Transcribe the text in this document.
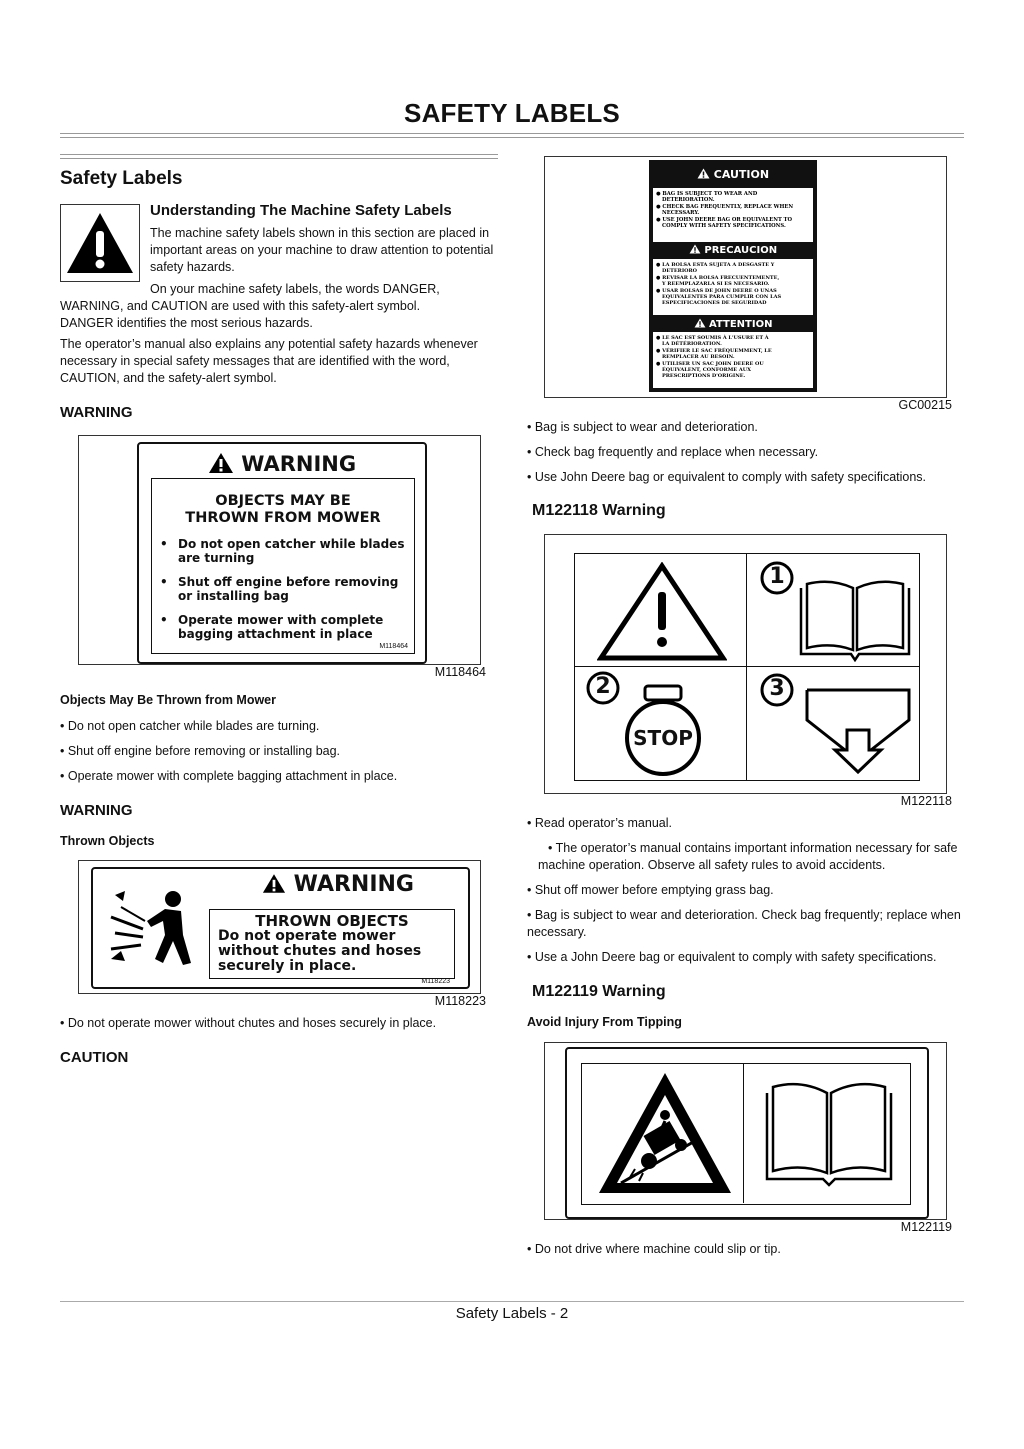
SAFETY LABELS
Safety Labels
Understanding The Machine Safety Labels
The machine safety labels shown in this section are placed in important areas on your machine to draw attention to potential safety hazards.
On your machine safety labels, the words DANGER,
WARNING, and CAUTION are used with this safety-alert symbol. DANGER identifies the most serious hazards.
The operator’s manual also explains any potential safety hazards whenever necessary in special safety messages that are identified with the word, CAUTION, and the safety-alert symbol.
WARNING
WARNING
OBJECTS MAY BE
THROWN FROM MOWER
• Do not open catcher while blades
are turning
• Shut off engine before removing
or installing bag
• Operate mower with complete
bagging attachment in place
M118464
M118464
Objects May Be Thrown from Mower
• Do not open catcher while blades are turning.
• Shut off engine before removing or installing bag.
• Operate mower with complete bagging attachment in place.
WARNING
Thrown Objects
WARNING
THROWN OBJECTS
Do not operate mower
without chutes and hoses
securely in place.
M118223
M118223
• Do not operate mower without chutes and hoses securely in place.
CAUTION
CAUTION
● BAG IS SUBJECT TO WEAR AND
DETERIORATION.
● CHECK BAG FREQUENTLY, REPLACE WHEN
NECESSARY.
● USE JOHN DEERE BAG OR EQUIVALENT TO
COMPLY WITH SAFETY SPECIFICATIONS.
PRECAUCION
● LA BOLSA ESTA SUJETA A DESGASTE Y
DETERIORO
● REVISAR LA BOLSA FRECUENTEMENTE,
Y REEMPLAZARLA SI ES NECESARIO.
● USAR BOLSAS DE JOHN DEERE O UNAS
EQUIVALENTES PARA CUMPLIR CON LAS
ESPECIFICACIONES DE SEGURIDAD
ATTENTION
● LE SAC EST SOUMIS À L'USURE ET À
LA DÉTÉRIORATION.
● VÉRIFIER LE SAC FRÉQUEMMENT, LE
REMPLACER AU BESOIN.
● UTILISER UN SAC JOHN DEERE OU
ÉQUIVALENT, CONFORME AUX
PRESCRIPTIONS D'ORIGINE.
GC00215
• Bag is subject to wear and deterioration.
• Check bag frequently and replace when necessary.
• Use John Deere bag or equivalent to comply with safety specifications.
M122118 Warning
1
2
STOP
3
M122118
• Read operator’s manual.
• The operator’s manual contains important information necessary for safe machine operation. Observe all safety rules to avoid accidents.
• Shut off mower before emptying grass bag.
• Bag is subject to wear and deterioration. Check bag frequently; replace when necessary.
• Use a John Deere bag or equivalent to comply with safety specifications.
M122119 Warning
Avoid Injury From Tipping
M122119
• Do not drive where machine could slip or tip.
Safety Labels - 2
